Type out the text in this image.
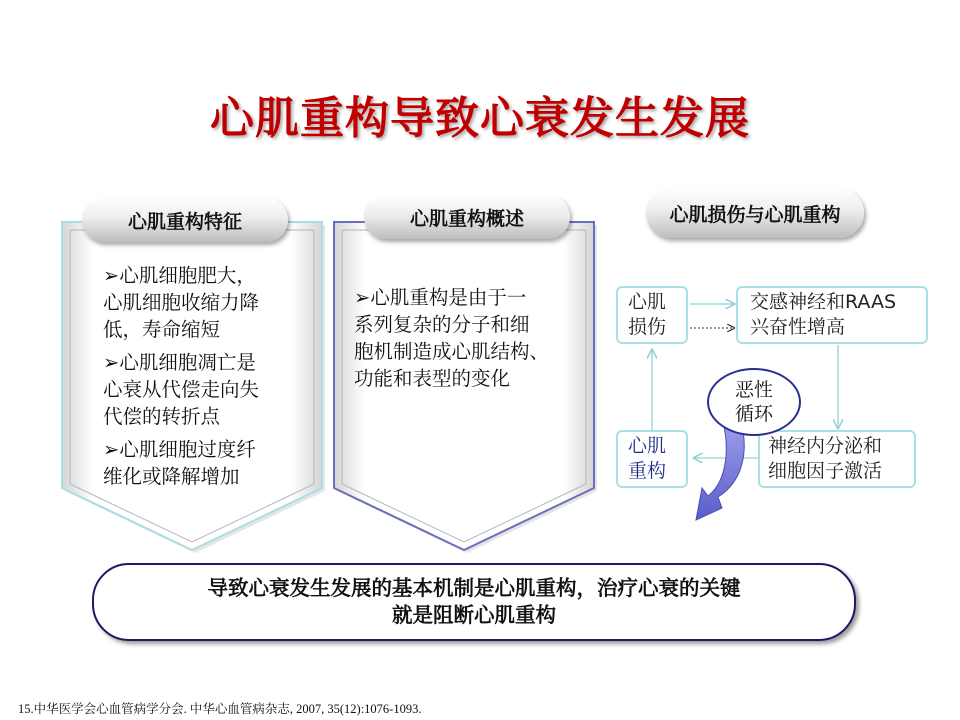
心肌重构导致心衰发生发展
心肌重构特征	心肌重构概述	心肌损伤与心肌重构

➢心肌细胞肥大，
心肌细胞收缩力降
低，寿命缩短

➢心肌细胞凋亡是
心衰从代偿走向失
代偿的转折点

➢心肌细胞过度纤
维化或降解增加

➢心肌重构是由于一
系列复杂的分子和细
胞机制造成心肌结构、
功能和表型的变化
心肌
损伤
交感神经和RAAS
兴奋性增高
神经内分泌和
细胞因子激活
心肌
重构
恶性
循环
导致心衰发生发展的基本机制是心肌重构，治疗心衰的关键
就是阻断心肌重构
15.中华医学会心血管病学分会. 中华心血管病杂志, 2007, 35(12):1076-1093.
